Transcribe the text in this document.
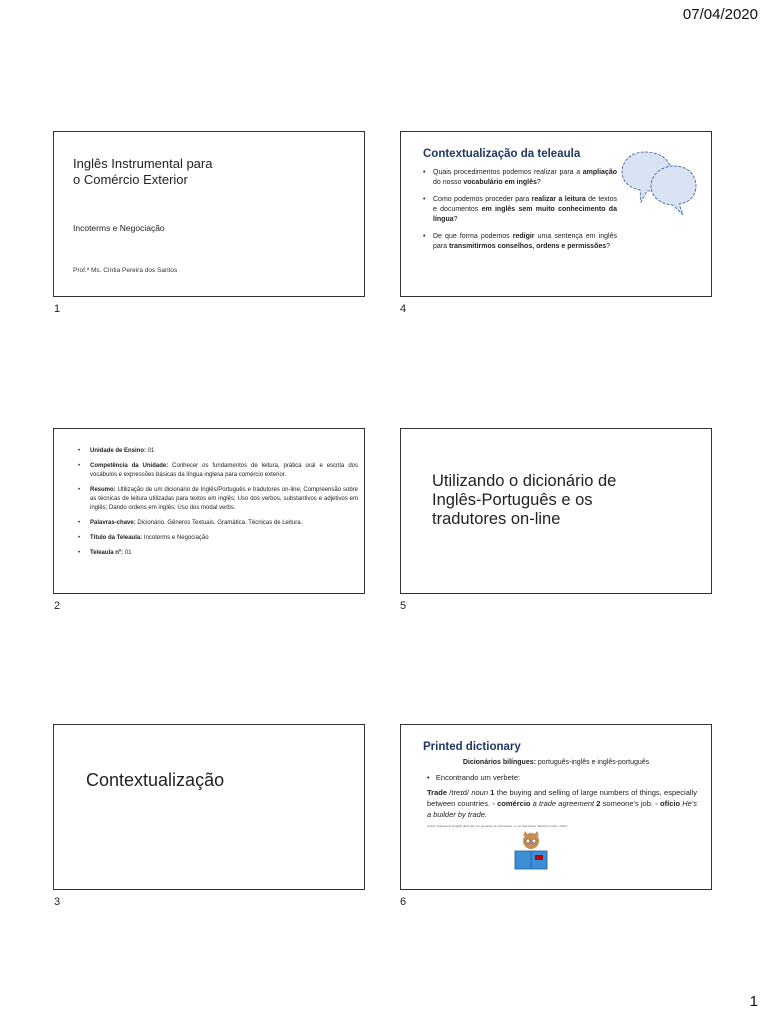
07/04/2020
Inglês Instrumental para o Comércio Exterior
Incoterms e Negociação
Prof.ª Ms. Cíntia Pereira dos Santos
1
Contextualização da teleaula
• Quais procedimentos podemos realizar para a ampliação do nosso vocabulário em inglês?
• Como podemos proceder para realizar a leitura de textos e documentos em inglês sem muito conhecimento da língua?
• De que forma podemos redigir uma sentença em inglês para transmitirmos conselhos, ordens e permissões?
4
• Unidade de Ensino: 01
• Competência da Unidade: Conhecer os fundamentos de leitura, prática oral e escrita dos vocábulos e expressões básicas da língua inglesa para comércio exterior.
• Resumo: Utilização de um dicionário de Inglês/Português e tradutores on-line; Compreensão sobre as técnicas de leitura utilizadas para textos em inglês; Uso dos verbos, substantivos e adjetivos em inglês; Dando ordens em inglês; Uso dos modal verbs.
• Palavras-chave: Dicionário. Gêneros Textuais. Gramática. Técnicas de Leitura.
• Título da Teleaula: Incoterms e Negociação
• Teleaula nº: 01
2
Utilizando o dicionário de Inglês-Português e os tradutores on-line
5
Contextualização
3
Printed dictionary
Dicionários bilíngues: português-inglês e inglês-português
•   Encontrando um verbete:
Trade /treɪd/ noun 1 the buying and selling of large numbers of things, especially between countries. ◦ comércio a trade agreement 2 someone's job. ◦ ofício He's a builder by trade.
(Fonte: Password: English dictionary for speakers of portuguese. 3. ed. São Paulo: Martins Fontes, 2010.)
6
1
